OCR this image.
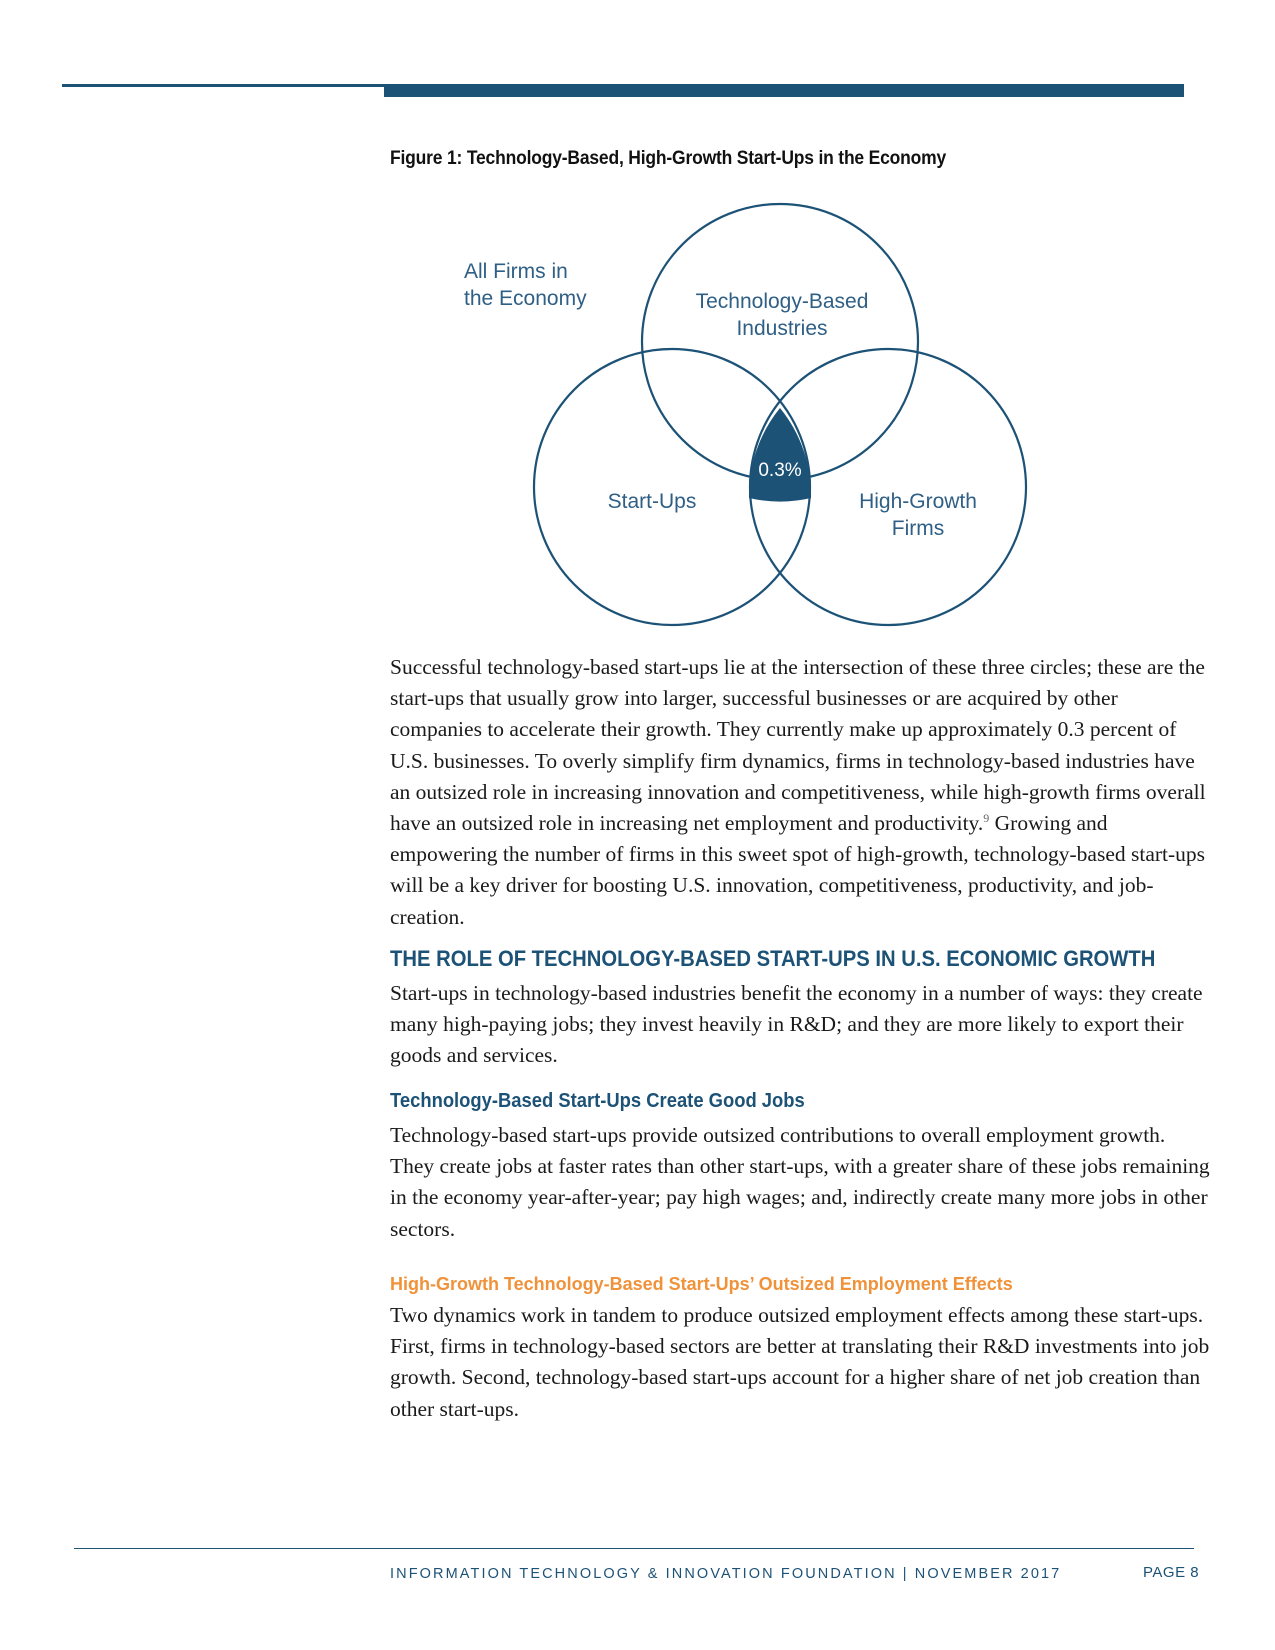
Figure 1: Technology-Based, High-Growth Start-Ups in the Economy

All Firms in
the Economy	Technology-Based
Industries
Start-Ups	High-Growth
Firms
0.3%

Successful technology-based start-ups lie at the intersection of these three circles; these are the start-ups that usually grow into larger, successful businesses or are acquired by other companies to accelerate their growth. They currently make up approximately 0.3 percent of U.S. businesses. To overly simplify firm dynamics, firms in technology-based industries have an outsized role in increasing innovation and competitiveness, while high-growth firms overall have an outsized role in increasing net employment and productivity.$^9$ Growing and empowering the number of firms in this sweet spot of high-growth, technology-based start-ups will be a key driver for boosting U.S. innovation, competitiveness, productivity, and job-creation.

THE ROLE OF TECHNOLOGY-BASED START-UPS IN U.S. ECONOMIC GROWTH

Start-ups in technology-based industries benefit the economy in a number of ways: they create many high-paying jobs; they invest heavily in R&D; and they are more likely to export their goods and services.

Technology-Based Start-Ups Create Good Jobs

Technology-based start-ups provide outsized contributions to overall employment growth. They create jobs at faster rates than other start-ups, with a greater share of these jobs remaining in the economy year-after-year; pay high wages; and, indirectly create many more jobs in other sectors.

High-Growth Technology-Based Start-Ups’ Outsized Employment Effects

Two dynamics work in tandem to produce outsized employment effects among these start-ups. First, firms in technology-based sectors are better at translating their R&D investments into job growth. Second, technology-based start-ups account for a higher share of net job creation than other start-ups.

INFORMATION TECHNOLOGY & INNOVATION FOUNDATION | NOVEMBER 2017	PAGE 8
